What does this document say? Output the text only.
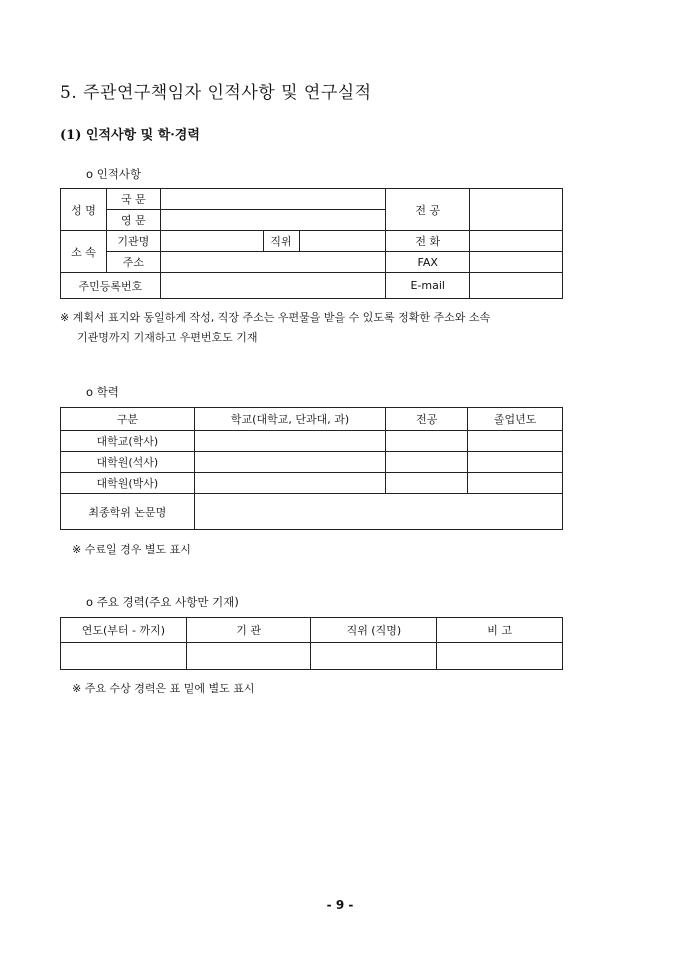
5. 주관연구책임자 인적사항 및 연구실적
(1) 인적사항 및 학·경력
o 인적사항
성 명	국 문				전 공	
	영 문					
소 속	기관명		직위		전 화	
	주소				FAX	
주민등록번호					E-mail	
※ 계획서 표지와 동일하게 작성, 직장 주소는 우편물을 받을 수 있도록 정확한 주소와 소속
기관명까지 기재하고 우편번호도 기재
o 학력
구분	학교(대학교, 단과대, 과)	전공	졸업년도
대학교(학사)			
대학원(석사)			
대학원(박사)			
최종학위 논문명			
※ 수료일 경우 별도 표시
o 주요 경력(주요 사항만 기재)
연도(부터 - 까지)	기 관	직위 (직명)	비 고

※ 주요 수상 경력은 표 밑에 별도 표시
- 9 -
